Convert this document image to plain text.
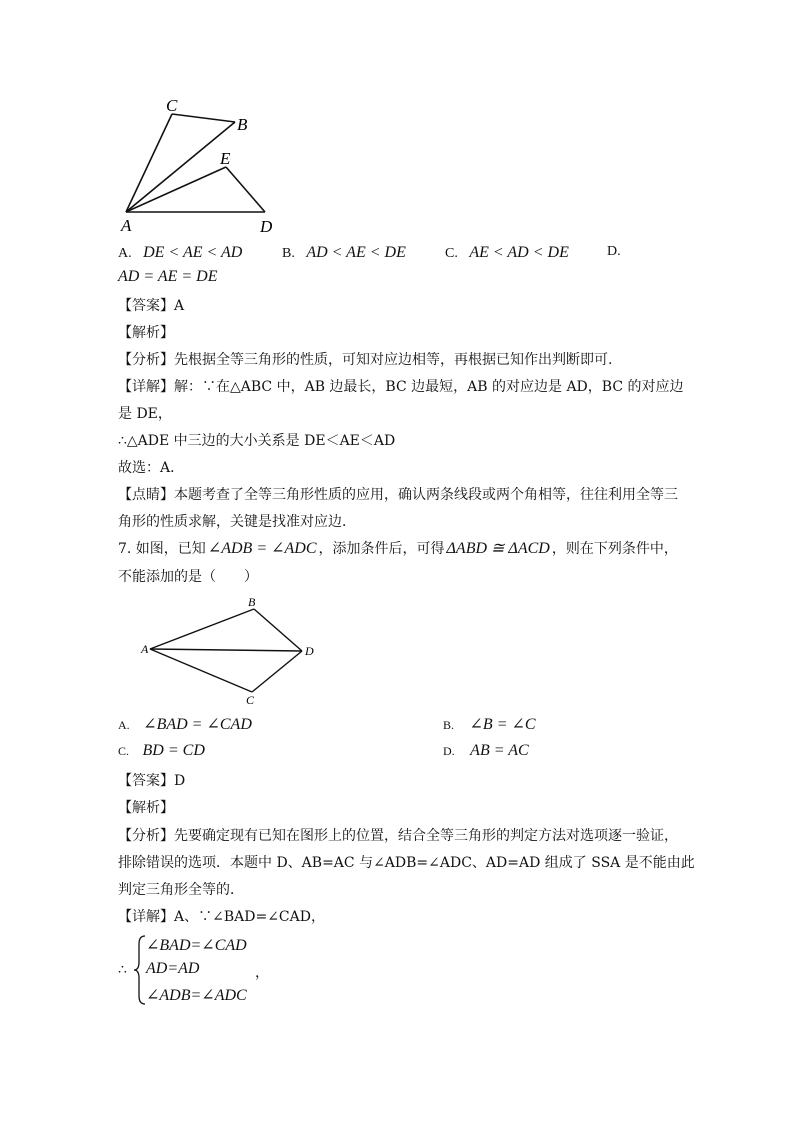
C
B
E
A	D
A. DE < AE < AD	B. AD < AE < DE	C. AE < AD < DE	D.
AD = AE = DE
【答案】A
【解析】
【分析】先根据全等三角形的性质，可知对应边相等，再根据已知作出判断即可.
【详解】解：∵在△ABC 中，AB 边最长，BC 边最短，AB 的对应边是 AD，BC 的对应边
是 DE，
∴△ADE 中三边的大小关系是 DE＜AE＜AD
故选：A．
【点睛】本题考查了全等三角形性质的应用，确认两条线段或两个角相等，往往利用全等三
角形的性质求解，关键是找准对应边．
7. 如图，已知 ∠ADB = ∠ADC ，添加条件后，可得 ΔABD ≅ ΔACD ，则在下列条件中，
不能添加的是（　　）
B
A	D
C
A. ∠BAD = ∠CAD	B. ∠B = ∠C
C. BD = CD	D. AB = AC
【答案】D
【解析】
【分析】先要确定现有已知在图形上的位置，结合全等三角形的判定方法对选项逐一验证，
排除错误的选项．本题中 D、AB=AC 与∠ADB=∠ADC、AD=AD 组成了 SSA 是不能由此
判定三角形全等的．
【详解】A、∵∠BAD=∠CAD，
∴
∠BAD=∠CAD
AD=AD
∠ADB=∠ADC
，
